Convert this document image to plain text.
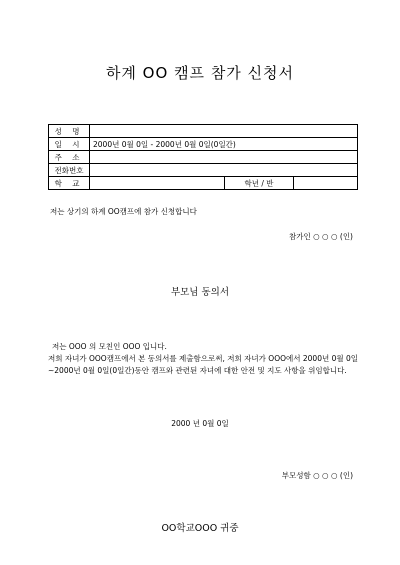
하계 OO 캠프 참가 신청서
성 명			
일 시	2000년 0월 0일 - 2000년 0월 0일(0일간)		
주 소			
전화번호			
학 교		학년 / 반	
저는 상기의 하계 OO캠프에 참가 신청합니다
참가인 ○ ○ ○ (인)
부모님 동의서

저는 OOO 의 모친인 OOO 입니다.

저희 자녀가 OOO캠프에서 본 동의서를 제출함으로써, 저희 자녀가 OOO에서 2000년 0월 0일~2000년 0월 0일(0일간)동안 캠프와 관련된 자녀에 대한 안전 및 지도 사항을 위임합니다.

2000 년 0월 0일
부모성함 ○ ○ ○ (인)
OO학교OOO 귀중
